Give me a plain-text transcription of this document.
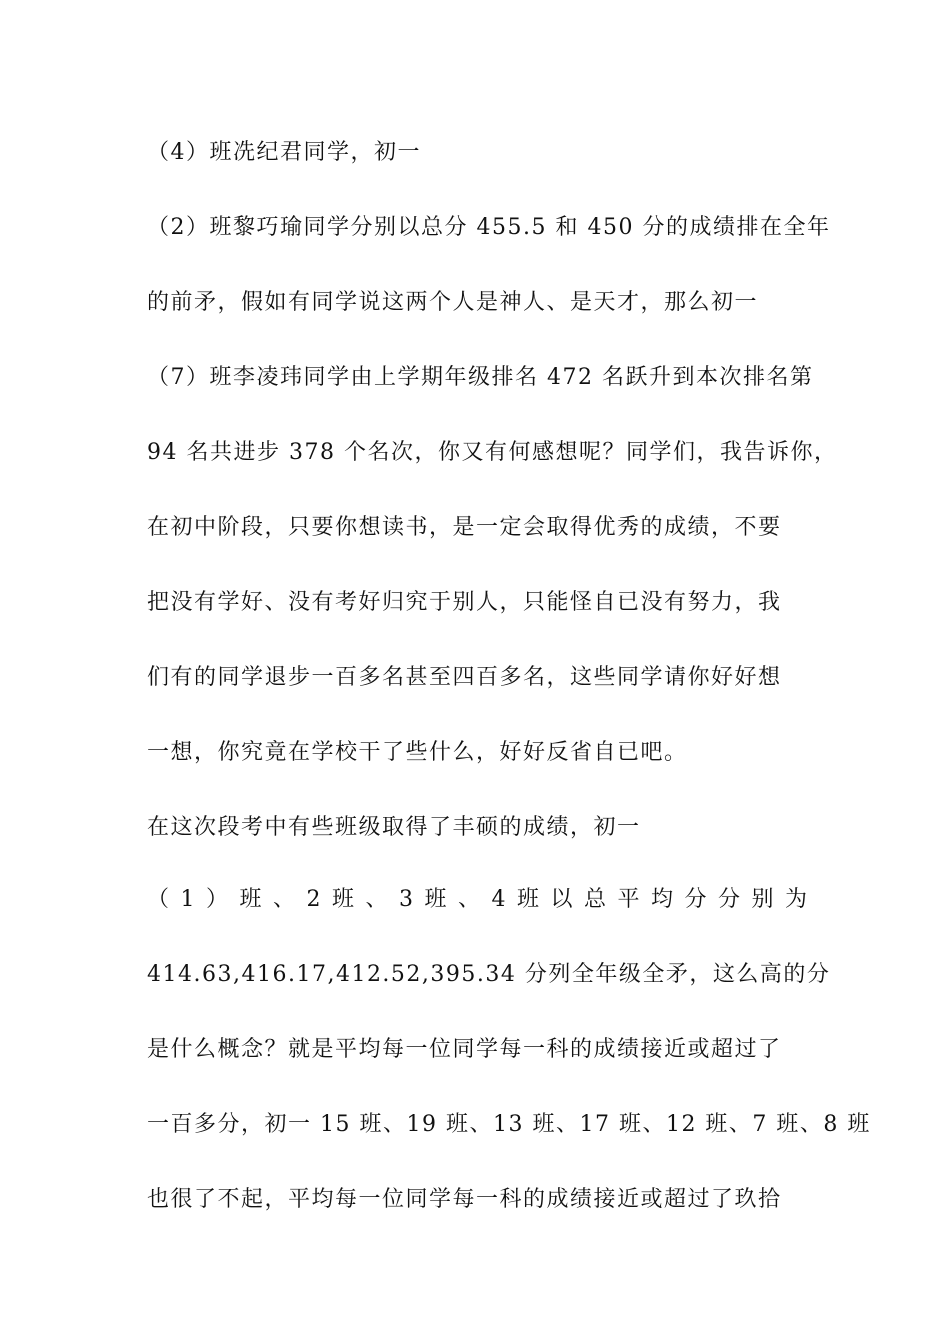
（4）班冼纪君同学，初一
（2）班黎巧瑜同学分别以总分 455.5 和 450 分的成绩排在全年
的前矛，假如有同学说这两个人是神人、是天才，那么初一
（7）班李凌玮同学由上学期年级排名 472 名跃升到本次排名第
94 名共进步 378 个名次，你又有何感想呢？同学们，我告诉你，
在初中阶段，只要你想读书，是一定会取得优秀的成绩，不要
把没有学好、没有考好归究于别人，只能怪自已没有努力，我
们有的同学退步一百多名甚至四百多名，这些同学请你好好想
一想，你究竟在学校干了些什么，好好反省自已吧。
在这次段考中有些班级取得了丰硕的成绩，初一
（ 1 ） 班 、 2 班 、 3 班 、 4 班 以 总 平 均 分 分 别 为
414.63,416.17,412.52,395.34 分列全年级全矛，这么高的分
是什么概念？就是平均每一位同学每一科的成绩接近或超过了
一百多分，初一 15 班、19 班、13 班、17 班、12 班、7 班、8 班
也很了不起，平均每一位同学每一科的成绩接近或超过了玖拾
